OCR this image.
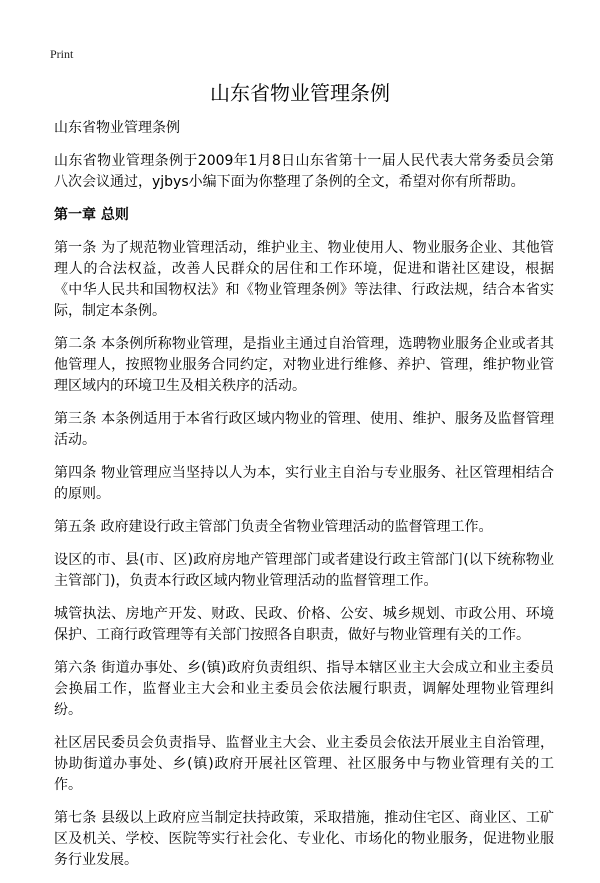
Print
山东省物业管理条例

山东省物业管理条例

山东省物业管理条例于2009年1月8日山东省第十一届人民代表大常务委员会第八次会议通过，yjbys小编下面为你整理了条例的全文，希望对你有所帮助。

第一章 总则

第一条 为了规范物业管理活动，维护业主、物业使用人、物业服务企业、其他管理人的合法权益，改善人民群众的居住和工作环境，促进和谐社区建设，根据《中华人民共和国物权法》和《物业管理条例》等法律、行政法规，结合本省实际，制定本条例。

第二条 本条例所称物业管理，是指业主通过自治管理，选聘物业服务企业或者其他管理人，按照物业服务合同约定，对物业进行维修、养护、管理，维护物业管理区域内的环境卫生及相关秩序的活动。

第三条 本条例适用于本省行政区域内物业的管理、使用、维护、服务及监督管理活动。

第四条 物业管理应当坚持以人为本，实行业主自治与专业服务、社区管理相结合的原则。

第五条 政府建设行政主管部门负责全省物业管理活动的监督管理工作。

设区的市、县(市、区)政府房地产管理部门或者建设行政主管部门(以下统称物业主管部门)，负责本行政区域内物业管理活动的监督管理工作。

城管执法、房地产开发、财政、民政、价格、公安、城乡规划、市政公用、环境保护、工商行政管理等有关部门按照各自职责，做好与物业管理有关的工作。

第六条 街道办事处、乡(镇)政府负责组织、指导本辖区业主大会成立和业主委员会换届工作，监督业主大会和业主委员会依法履行职责，调解处理物业管理纠纷。

社区居民委员会负责指导、监督业主大会、业主委员会依法开展业主自治管理，协助街道办事处、乡(镇)政府开展社区管理、社区服务中与物业管理有关的工作。

第七条 县级以上政府应当制定扶持政策，采取措施，推动住宅区、商业区、工矿区及机关、学校、医院等实行社会化、专业化、市场化的物业服务，促进物业服务行业发展。
